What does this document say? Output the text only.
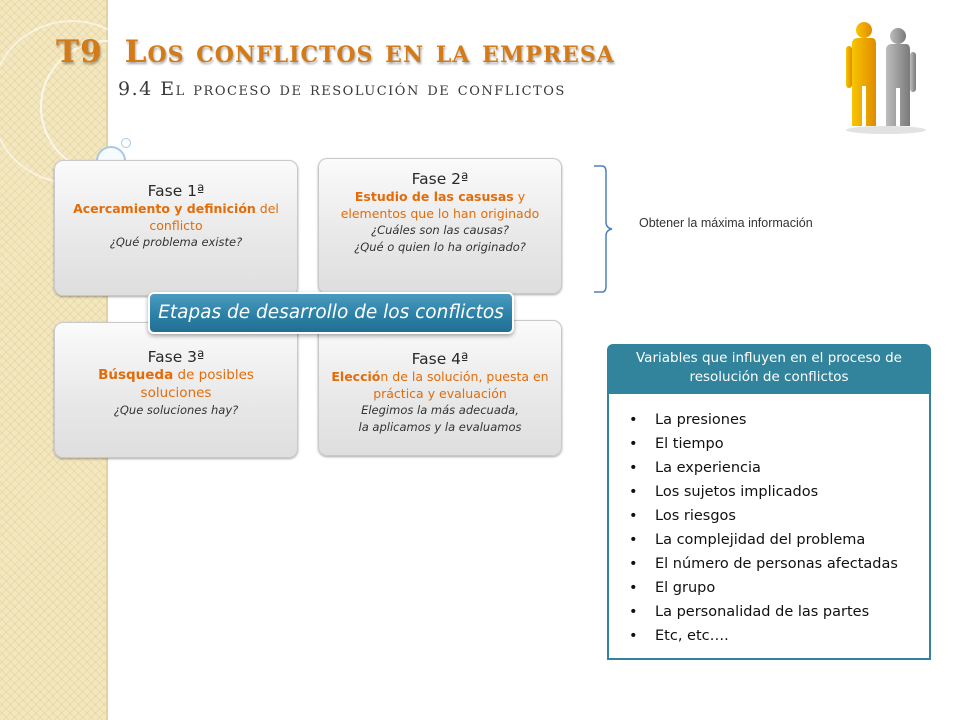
T9 Los conflictos en la empresa
9.4 El proceso de resolución de conflictos
Fase 1ª
Acercamiento y definición del conflicto
¿Qué problema existe?
Fase 2ª
Estudio de las casusas y elementos que lo han originado
¿Cuáles son las causas?
¿Qué o quien lo ha originado?
Fase 3ª
Búsqueda de posibles soluciones
¿Que soluciones hay?
Fase 4ª
Elección de la solución, puesta en práctica y evaluación
Elegimos la más adecuada,
la aplicamos y la evaluamos
Etapas de desarrollo de los conflictos
Obtener la máxima información
Variables que influyen en el proceso de resolución de conflictos
• La presiones
• El tiempo
• La experiencia
• Los sujetos implicados
• Los riesgos
• La complejidad del problema
• El número de personas afectadas
• El grupo
• La personalidad de las partes
• Etc, etc….
